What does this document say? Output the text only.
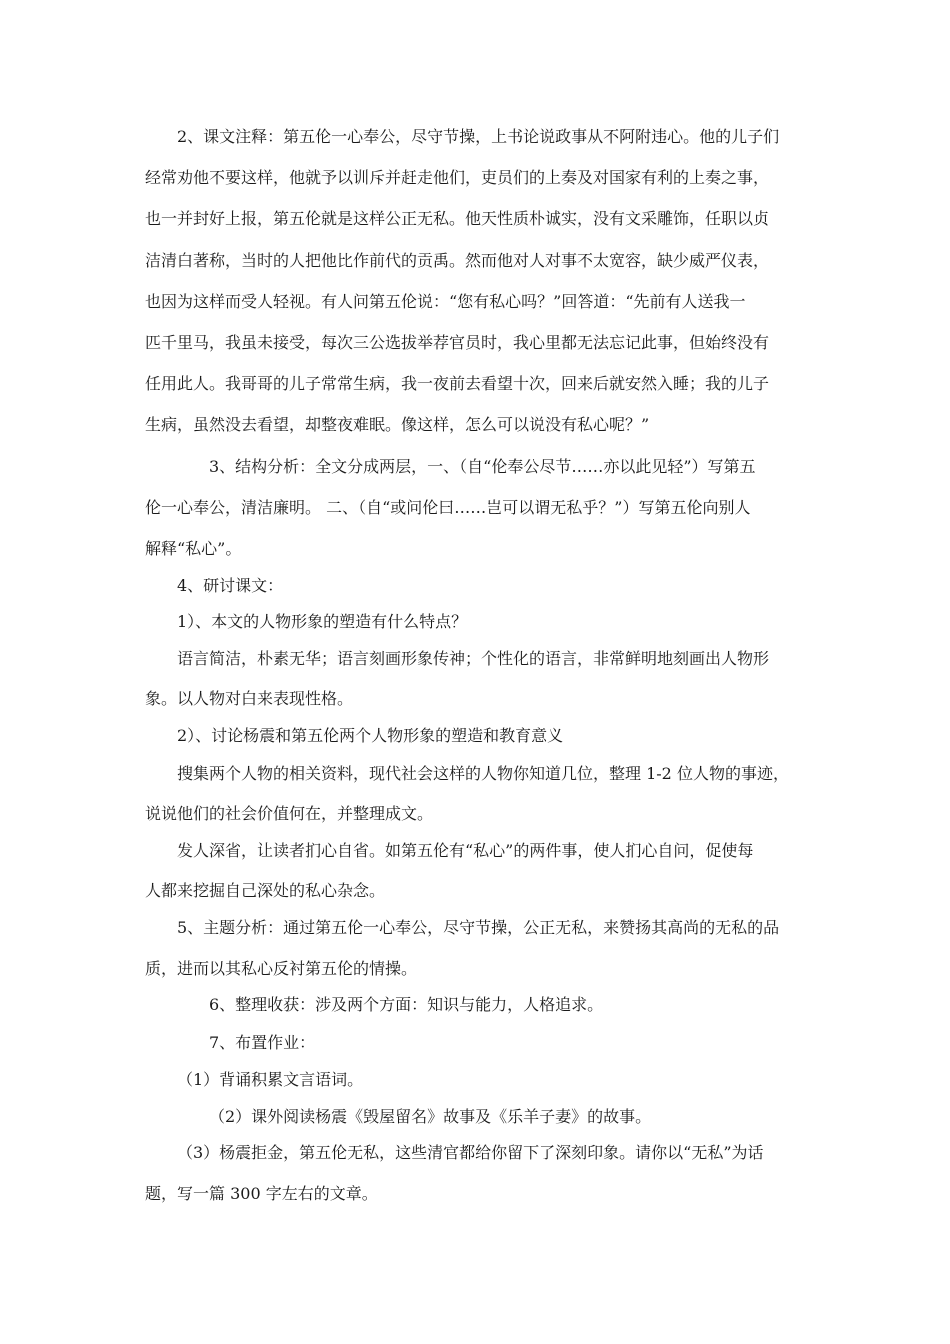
2、课文注释：第五伦一心奉公，尽守节操，上书论说政事从不阿附违心。他的儿子们
经常劝他不要这样，他就予以训斥并赶走他们，吏员们的上奏及对国家有利的上奏之事，
也一并封好上报，第五伦就是这样公正无私。他天性质朴诚实，没有文采雕饰，任职以贞
洁清白著称，当时的人把他比作前代的贡禹。然而他对人对事不太宽容，缺少威严仪表，
也因为这样而受人轻视。有人问第五伦说：“您有私心吗？”回答道：“先前有人送我一
匹千里马，我虽未接受，每次三公选拔举荐官员时，我心里都无法忘记此事，但始终没有
任用此人。我哥哥的儿子常常生病，我一夜前去看望十次，回来后就安然入睡；我的儿子
生病，虽然没去看望，却整夜难眠。像这样，怎么可以说没有私心呢？”
3、结构分析：全文分成两层，一、（自“伦奉公尽节……亦以此见轻”）写第五
伦一心奉公，清洁廉明。 二、（自“或问伦曰……岂可以谓无私乎？”）写第五伦向别人
解释“私心”。
4、研讨课文：
1）、本文的人物形象的塑造有什么特点？
语言简洁，朴素无华；语言刻画形象传神；个性化的语言，非常鲜明地刻画出人物形
象。以人物对白来表现性格。
2）、讨论杨震和第五伦两个人物形象的塑造和教育意义
搜集两个人物的相关资料，现代社会这样的人物你知道几位，整理 1-2 位人物的事迹，
说说他们的社会价值何在，并整理成文。
发人深省，让读者扪心自省。如第五伦有“私心”的两件事，使人扪心自问，促使每
人都来挖掘自己深处的私心杂念。
5、主题分析：通过第五伦一心奉公，尽守节操，公正无私，来赞扬其高尚的无私的品
质，进而以其私心反衬第五伦的情操。
6、整理收获：涉及两个方面：知识与能力，人格追求。
7、布置作业：
（1）背诵积累文言语词。
（2）课外阅读杨震《毁屋留名》故事及《乐羊子妻》的故事。
（3）杨震拒金，第五伦无私，这些清官都给你留下了深刻印象。请你以“无私”为话
题，写一篇 300 字左右的文章。
